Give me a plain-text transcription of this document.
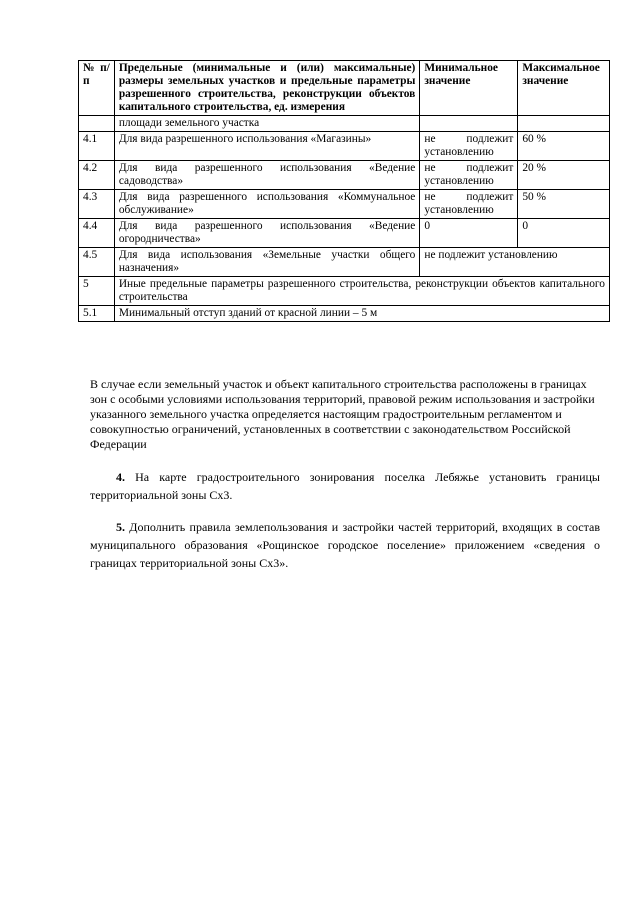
№ п/п	Предельные (минимальные и (или) максимальные) размеры земельных участков и предельные параметры разрешенного строительства, реконструкции объектов капитального строительства, ед. измерения	Минимальное значение	Максимальное значение
	площади земельного участка		
4.1	Для вида разрешенного использования «Магазины»	не подлежит установлению	60 %
4.2	Для вида разрешенного использования «Ведение садоводства»	не подлежит установлению	20 %
4.3	Для вида разрешенного использования «Коммунальное обслуживание»	не подлежит установлению	50 %
4.4	Для вида разрешенного использования «Ведение огородничества»	0	0
4.5	Для вида использования «Земельные участки общего назначения»	не подлежит установлению	
5	Иные предельные параметры разрешенного строительства, реконструкции объектов капитального строительства		
5.1	Минимальный отступ зданий от красной линии – 5 м		

В случае если земельный участок и объект капитального строительства расположены в границах зон с особыми условиями использования территорий, правовой режим использования и застройки указанного земельного участка определяется настоящим градостроительным регламентом и совокупностью ограничений, установленных в соответствии с законодательством Российской Федерации

4. На карте градостроительного зонирования поселка Лебяжье установить границы территориальной зоны Сх3.

5. Дополнить правила землепользования и застройки частей территорий, входящих в состав муниципального образования «Рощинское городское поселение» приложением «сведения о границах территориальной зоны Сх3».
